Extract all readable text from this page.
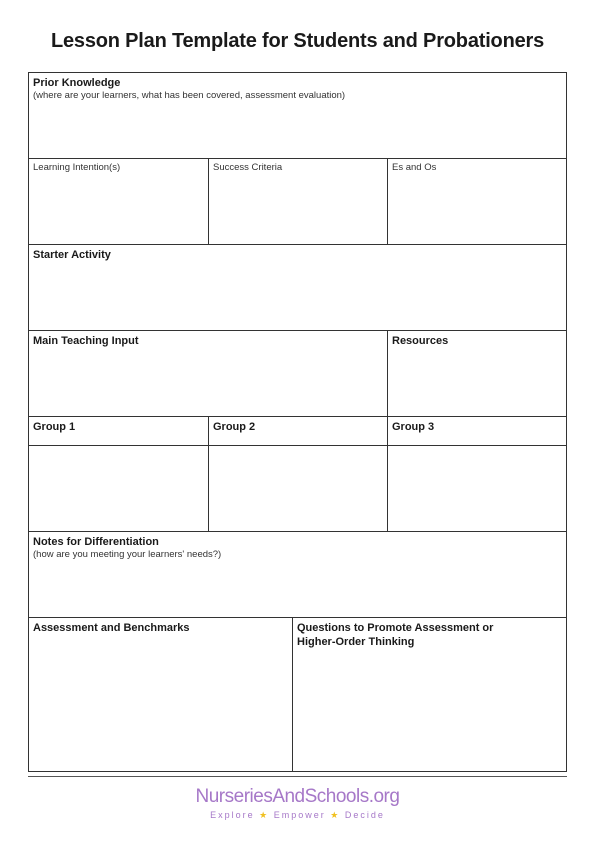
Lesson Plan Template for Students and Probationers
Prior Knowledge
(where are your learners, what has been covered, assessment evaluation)
Learning Intention(s)	Success Criteria	Es and Os
Starter Activity
Main Teaching Input	Resources
Group 1	Group 2	Group 3
Notes for Differentiation
(how are you meeting your learners' needs?)
Assessment and Benchmarks	Questions to Promote Assessment or
Higher-Order Thinking
NurseriesAndSchools.org
Explore ★ Empower ★ Decide
